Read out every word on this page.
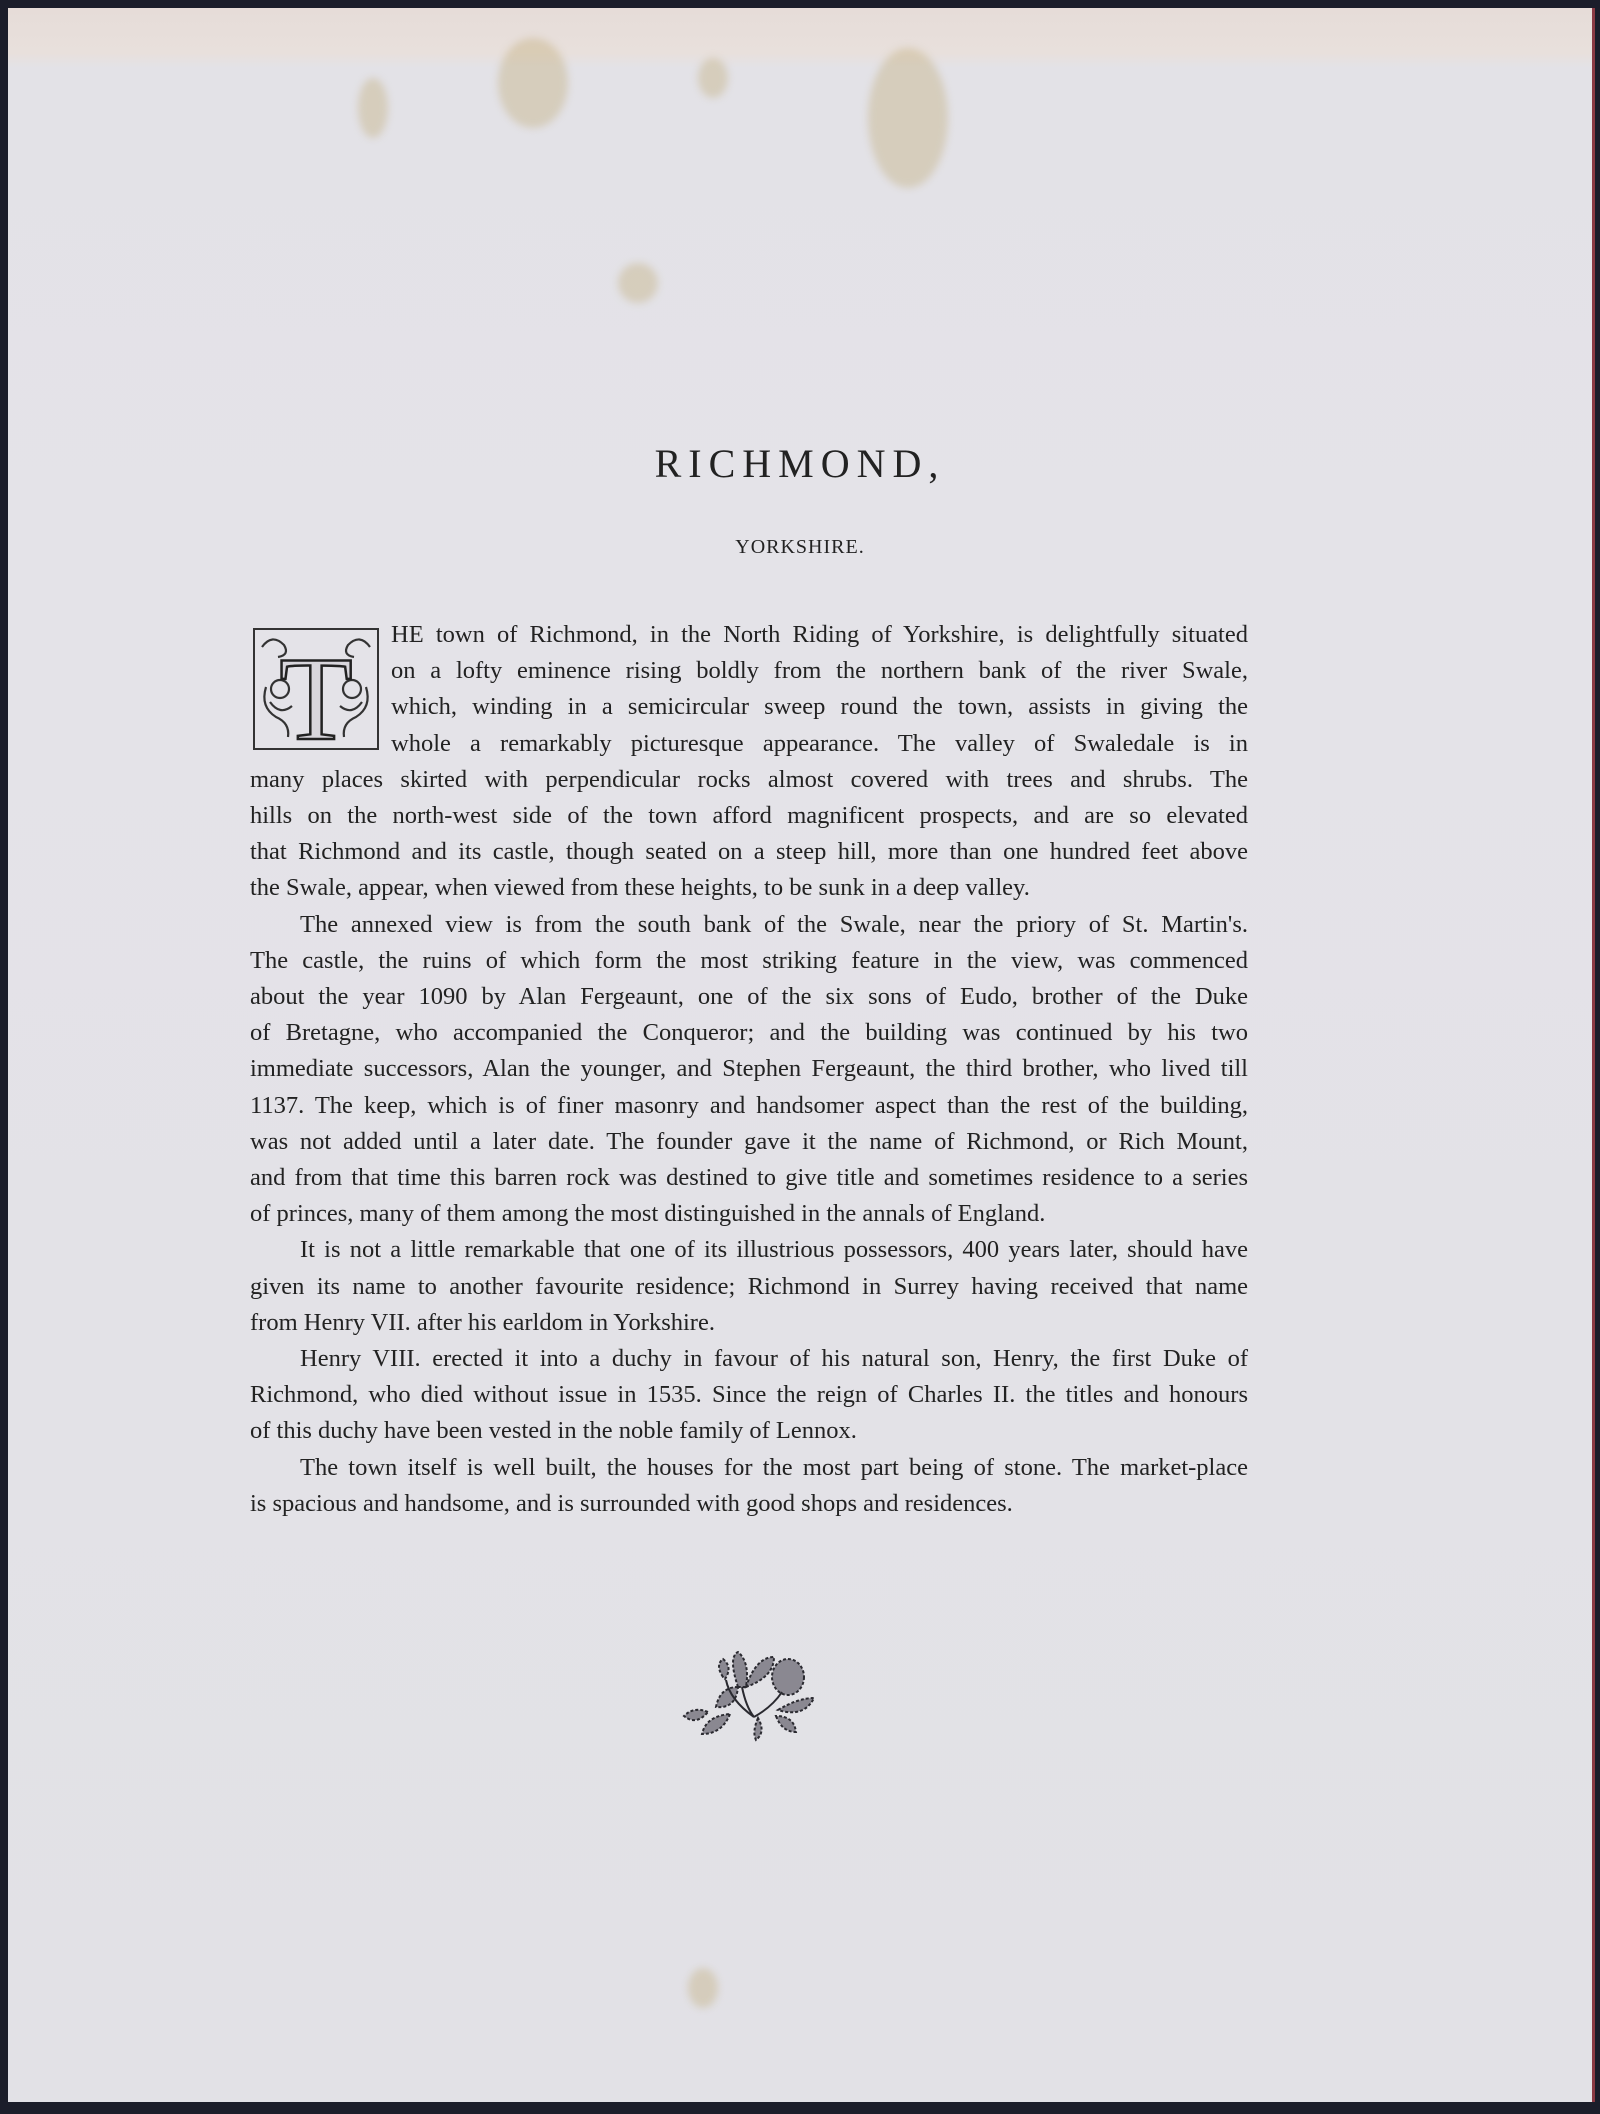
RICHMOND,
YORKSHIRE.
T HE town of Richmond, in the North Riding of Yorkshire, is delightfully situated
on a lofty eminence rising boldly from the northern bank of the river Swale,
which, winding in a semicircular sweep round the town, assists in giving the
whole a remarkably picturesque appearance. The valley of Swaledale is in
many places skirted with perpendicular rocks almost covered with trees and shrubs. The
hills on the north-west side of the town afford magnificent prospects, and are so elevated
that Richmond and its castle, though seated on a steep hill, more than one hundred feet above
the Swale, appear, when viewed from these heights, to be sunk in a deep valley.
The annexed view is from the south bank of the Swale, near the priory of St. Martin's.
The castle, the ruins of which form the most striking feature in the view, was commenced
about the year 1090 by Alan Fergeaunt, one of the six sons of Eudo, brother of the Duke
of Bretagne, who accompanied the Conqueror; and the building was continued by his two
immediate successors, Alan the younger, and Stephen Fergeaunt, the third brother, who lived till
1137. The keep, which is of finer masonry and handsomer aspect than the rest of the building,
was not added until a later date. The founder gave it the name of Richmond, or Rich Mount,
and from that time this barren rock was destined to give title and sometimes residence to a series
of princes, many of them among the most distinguished in the annals of England.
It is not a little remarkable that one of its illustrious possessors, 400 years later, should have
given its name to another favourite residence; Richmond in Surrey having received that name
from Henry VII. after his earldom in Yorkshire.
Henry VIII. erected it into a duchy in favour of his natural son, Henry, the first Duke of
Richmond, who died without issue in 1535. Since the reign of Charles II. the titles and honours
of this duchy have been vested in the noble family of Lennox.
The town itself is well built, the houses for the most part being of stone. The market-place
is spacious and handsome, and is surrounded with good shops and residences.
